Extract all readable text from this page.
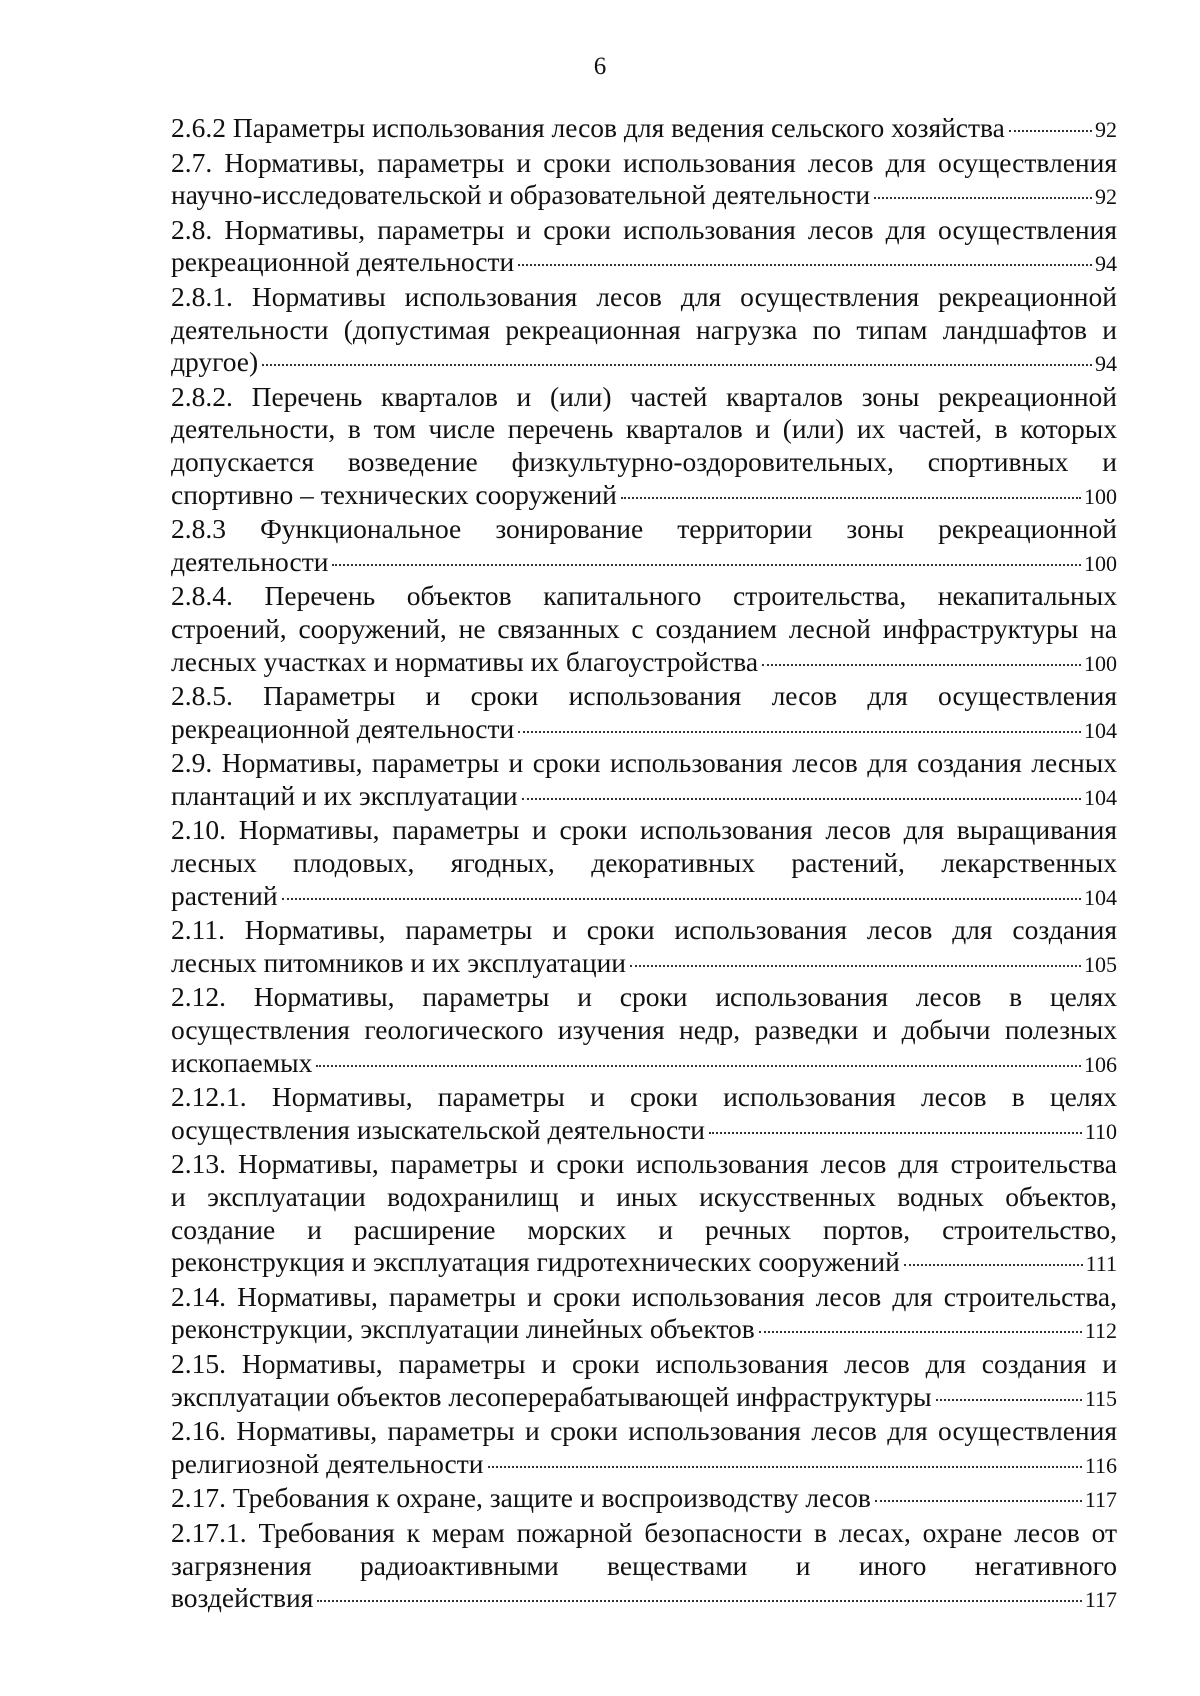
6
2.6.2 Параметры использования лесов для ведения сельского хозяйства	92
2.7. Нормативы, параметры и сроки использования лесов для осуществления
научно-исследовательской и образовательной деятельности	92
2.8. Нормативы, параметры и сроки использования лесов для осуществления
рекреационной деятельности	94
2.8.1. Нормативы использования лесов для осуществления рекреационной
деятельности (допустимая рекреационная нагрузка по типам ландшафтов и
другое)	94
2.8.2. Перечень кварталов и (или) частей кварталов зоны рекреационной
деятельности, в том числе перечень кварталов и (или) их частей, в которых
допускается возведение физкультурно-оздоровительных, спортивных и
спортивно – технических сооружений	100
2.8.3 Функциональное зонирование территории зоны рекреационной
деятельности	100
2.8.4. Перечень объектов капитального строительства, некапитальных
строений, сооружений, не связанных с созданием лесной инфраструктуры на
лесных участках и нормативы их благоустройства	100
2.8.5. Параметры и сроки использования лесов для осуществления
рекреационной деятельности	104
2.9. Нормативы, параметры и сроки использования лесов для создания лесных
плантаций и их эксплуатации	104
2.10. Нормативы, параметры и сроки использования лесов для выращивания
лесных плодовых, ягодных, декоративных растений, лекарственных
растений	104
2.11. Нормативы, параметры и сроки использования лесов для создания
лесных питомников и их эксплуатации	105
2.12. Нормативы, параметры и сроки использования лесов в целях
осуществления геологического изучения недр, разведки и добычи полезных
ископаемых	106
2.12.1. Нормативы, параметры и сроки использования лесов в целях
осуществления изыскательской деятельности	110
2.13. Нормативы, параметры и сроки использования лесов для строительства
и эксплуатации водохранилищ и иных искусственных водных объектов,
создание и расширение морских и речных портов, строительство,
реконструкция и эксплуатация гидротехнических сооружений	111
2.14. Нормативы, параметры и сроки использования лесов для строительства,
реконструкции, эксплуатации линейных объектов	112
2.15. Нормативы, параметры и сроки использования лесов для создания и
эксплуатации объектов лесоперерабатывающей инфраструктуры	115
2.16. Нормативы, параметры и сроки использования лесов для осуществления
религиозной деятельности	116
2.17. Требования к охране, защите и воспроизводству лесов	117
2.17.1. Требования к мерам пожарной безопасности в лесах, охране лесов от
загрязнения радиоактивными веществами и иного негативного
воздействия	117
